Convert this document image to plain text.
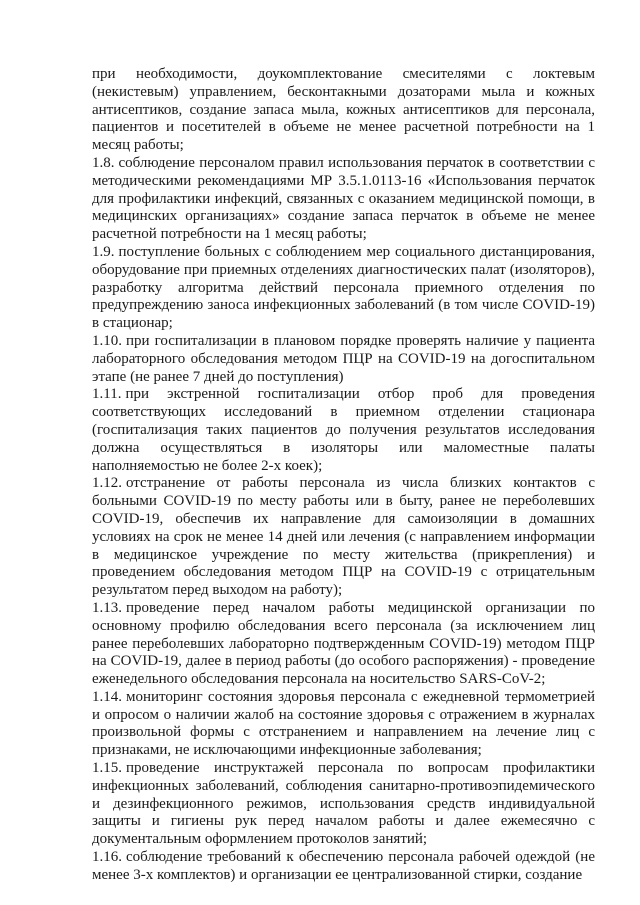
при необходимости, доукомплектование смесителями с локтевым (некистевым) управлением, бесконтакными дозаторами мыла и кожных антисептиков, создание запаса мыла, кожных антисептиков для персонала, пациентов и посетителей в объеме не менее расчетной потребности на 1 месяц работы;

1.8. соблюдение персоналом правил использования перчаток в соответствии с методическими рекомендациями МР 3.5.1.0113-16 «Использования перчаток для профилактики инфекций, связанных с оказанием медицинской помощи, в медицинских организациях» создание запаса перчаток в объеме не менее расчетной потребности на 1 месяц работы;

1.9. поступление больных с соблюдением мер социального дистанцирования, оборудование при приемных отделениях диагностических палат (изоляторов), разработку алгоритма действий персонала приемного отделения по предупреждению заноса инфекционных заболеваний (в том числе COVID-19) в стационар;

1.10. при госпитализации в плановом порядке проверять наличие у пациента лабораторного обследования методом ПЦР на COVID-19 на догоспитальном этапе (не ранее 7 дней до поступления)

1.11. при экстренной госпитализации отбор проб для проведения соответствующих исследований в приемном отделении стационара (госпитализация таких пациентов до получения результатов исследования должна осуществляться в изоляторы или маломестные палаты наполняемостью не более 2-х коек);

1.12. отстранение от работы персонала из числа близких контактов с больными COVID-19 по месту работы или в быту, ранее не переболевших COVID-19, обеспечив их направление для самоизоляции в домашних условиях на срок не менее 14 дней или лечения (с направлением информации в медицинское учреждение по месту жительства (прикрепления) и проведением обследования методом ПЦР на COVID-19 с отрицательным результатом перед выходом на работу);

1.13. проведение перед началом работы медицинской организации по основному профилю обследования всего персонала (за исключением лиц ранее переболевших лабораторно подтвержденным COVID-19) методом ПЦР на COVID-19, далее в период работы (до особого распоряжения) - проведение еженедельного обследования персонала на носительство SARS-CoV-2;

1.14. мониторинг состояния здоровья персонала с ежедневной термометрией и опросом о наличии жалоб на состояние здоровья с отражением в журналах произвольной формы с отстранением и направлением на лечение лиц с признаками, не исключающими инфекционные заболевания;

1.15. проведение инструктажей персонала по вопросам профилактики инфекционных заболеваний, соблюдения санитарно-противоэпидемического и дезинфекционного режимов, использования средств индивидуальной защиты и гигиены рук перед началом работы и далее ежемесячно с документальным оформлением протоколов занятий;

1.16. соблюдение требований к обеспечению персонала рабочей одеждой (не менее 3-х комплектов) и организации ее централизованной стирки, создание
